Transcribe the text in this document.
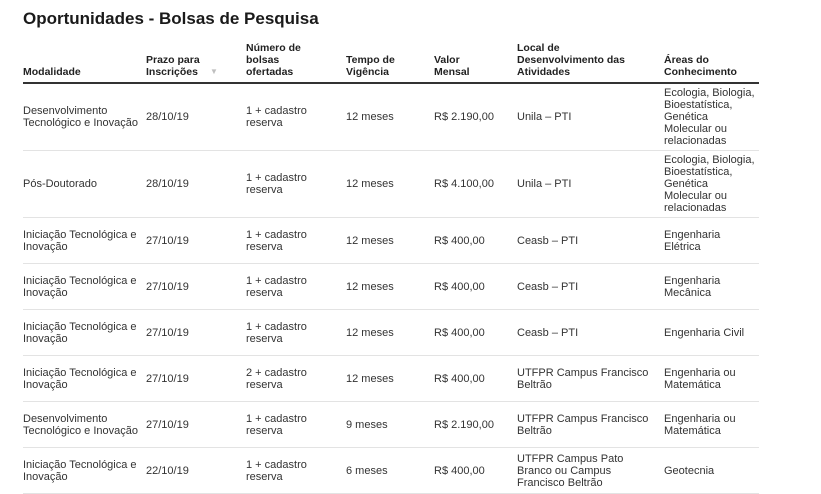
Oportunidades - Bolsas de Pesquisa
Modalidade	Prazo para Inscrições ▼	Número de bolsas ofertadas	Tempo de Vigência	Valor Mensal	Local de Desenvolvimento das Atividades	Áreas do Conhecimento
Desenvolvimento Tecnológico e Inovação	28/10/19	1 + cadastro reserva	12 meses	R$ 2.190,00	Unila – PTI	Ecologia, Biologia, Bioestatística, Genética Molecular ou relacionadas
Pós-Doutorado	28/10/19	1 + cadastro reserva	12 meses	R$ 4.100,00	Unila – PTI	Ecologia, Biologia, Bioestatística, Genética Molecular ou relacionadas
Iniciação Tecnológica e Inovação	27/10/19	1 + cadastro reserva	12 meses	R$ 400,00	Ceasb – PTI	Engenharia Elétrica
Iniciação Tecnológica e Inovação	27/10/19	1 + cadastro reserva	12 meses	R$ 400,00	Ceasb – PTI	Engenharia Mecânica
Iniciação Tecnológica e Inovação	27/10/19	1 + cadastro reserva	12 meses	R$ 400,00	Ceasb – PTI	Engenharia Civil
Iniciação Tecnológica e Inovação	27/10/19	2 + cadastro reserva	12 meses	R$ 400,00	UTFPR Campus Francisco Beltrão	Engenharia ou Matemática
Desenvolvimento Tecnológico e Inovação	27/10/19	1 + cadastro reserva	9 meses	R$ 2.190,00	UTFPR Campus Francisco Beltrão	Engenharia ou Matemática
Iniciação Tecnológica e Inovação	22/10/19	1 + cadastro reserva	6 meses	R$ 400,00	UTFPR Campus Pato Branco ou Campus Francisco Beltrão	Geotecnia
